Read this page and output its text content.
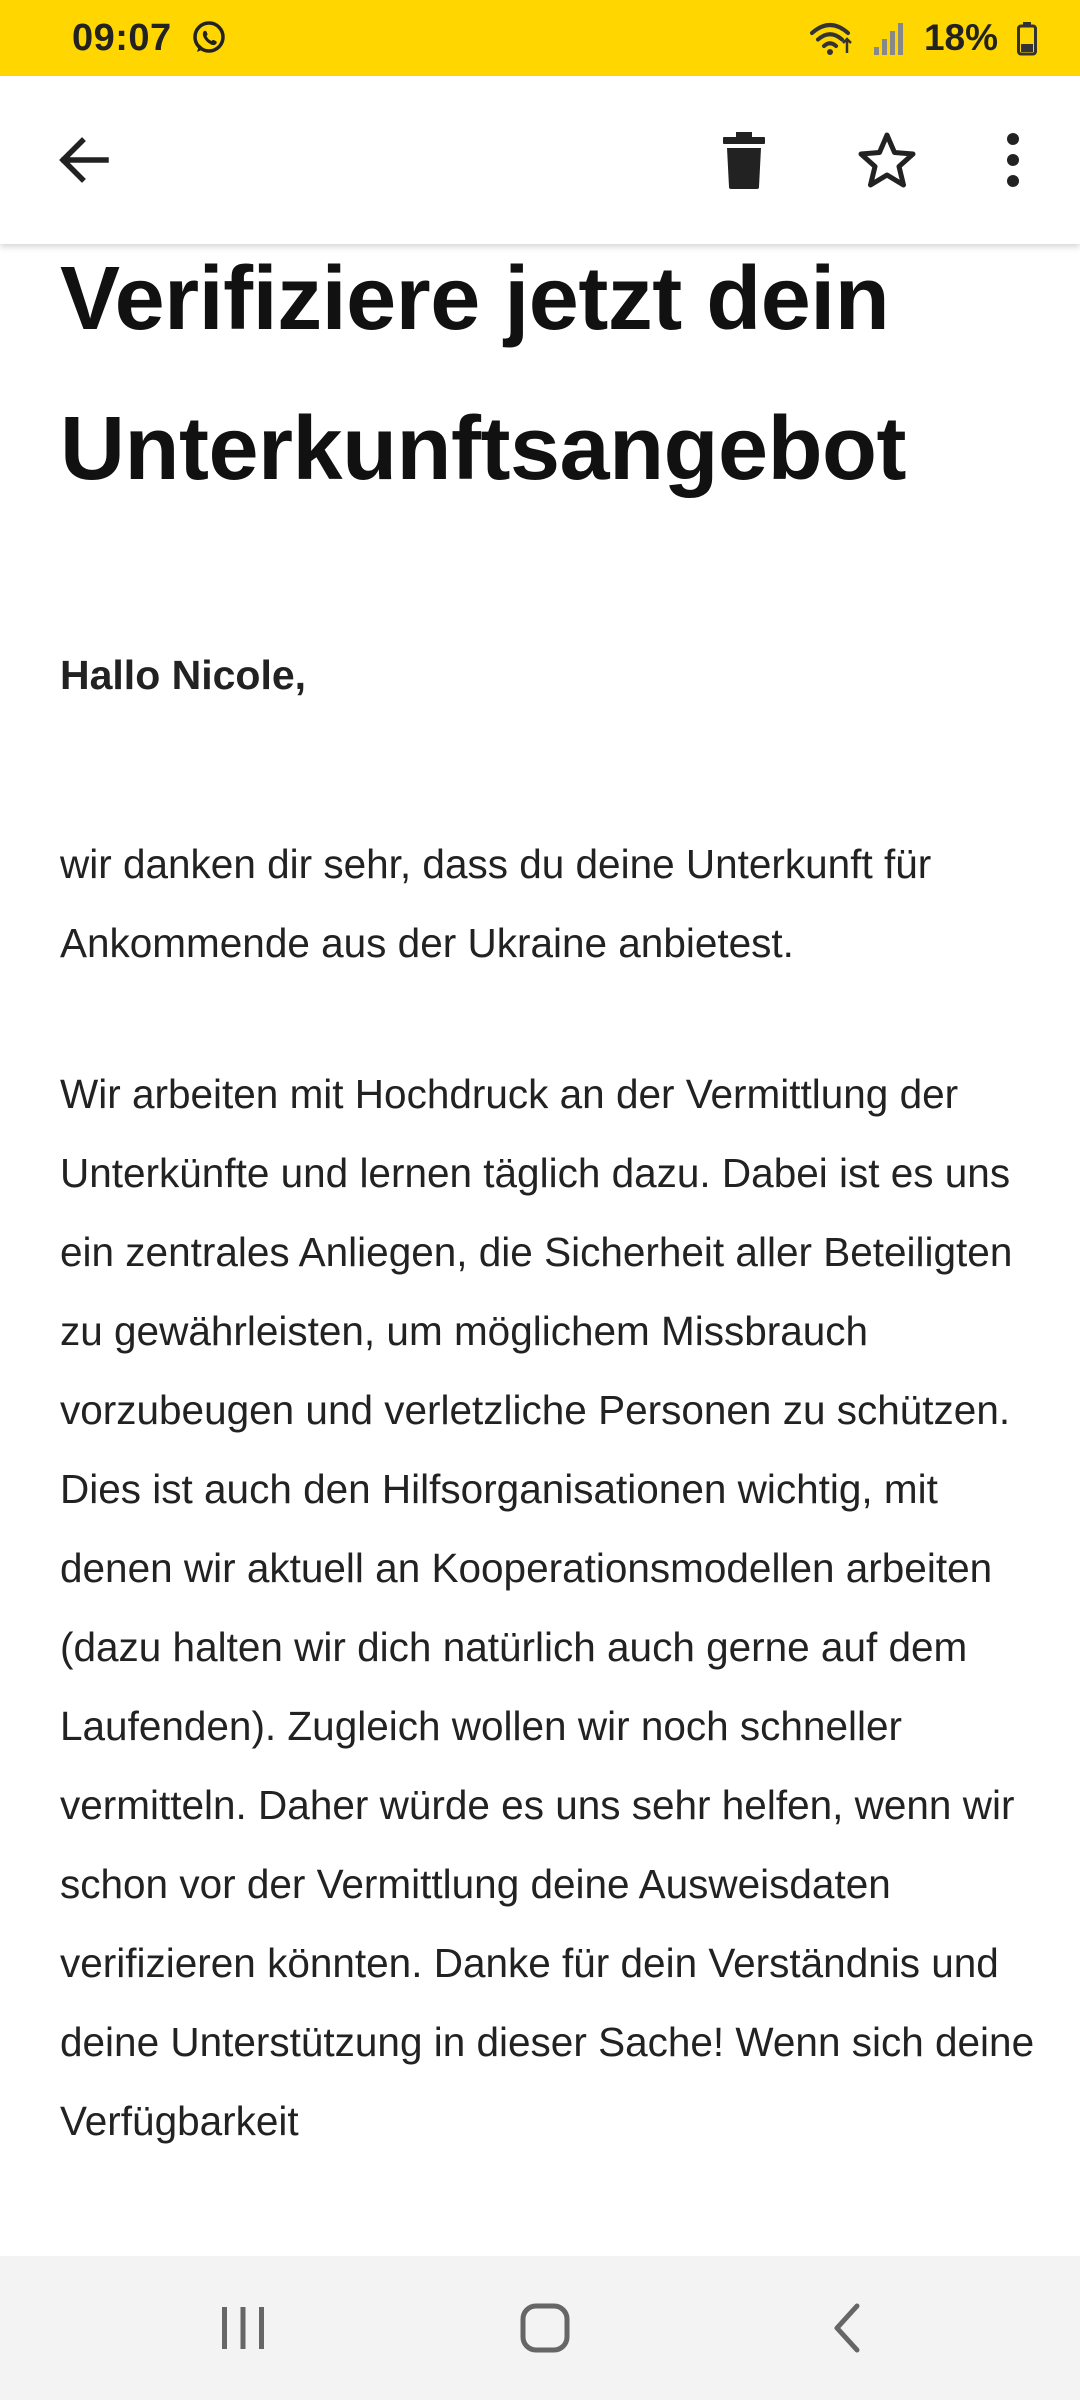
09:07	18%
Verifiziere jetzt dein Unterkunftsangebot

Hallo Nicole,

wir danken dir sehr, dass du deine Unterkunft für Ankommende aus der Ukraine anbietest.

Wir arbeiten mit Hochdruck an der Vermittlung der Unterkünfte und lernen täglich dazu. Dabei ist es uns ein zentrales Anliegen, die Sicherheit aller Beteiligten zu gewährleisten, um möglichem Missbrauch vorzubeugen und verletzliche Personen zu schützen. Dies ist auch den Hilfsorganisationen wichtig, mit denen wir aktuell an Kooperationsmodellen arbeiten (dazu halten wir dich natürlich auch gerne auf dem Laufenden). Zugleich wollen wir noch schneller vermitteln. Daher würde es uns sehr helfen, wenn wir schon vor der Vermittlung deine Ausweisdaten verifizieren könnten. Danke für dein Verständnis und deine Unterstützung in dieser Sache! Wenn sich deine Verfügbarkeit
